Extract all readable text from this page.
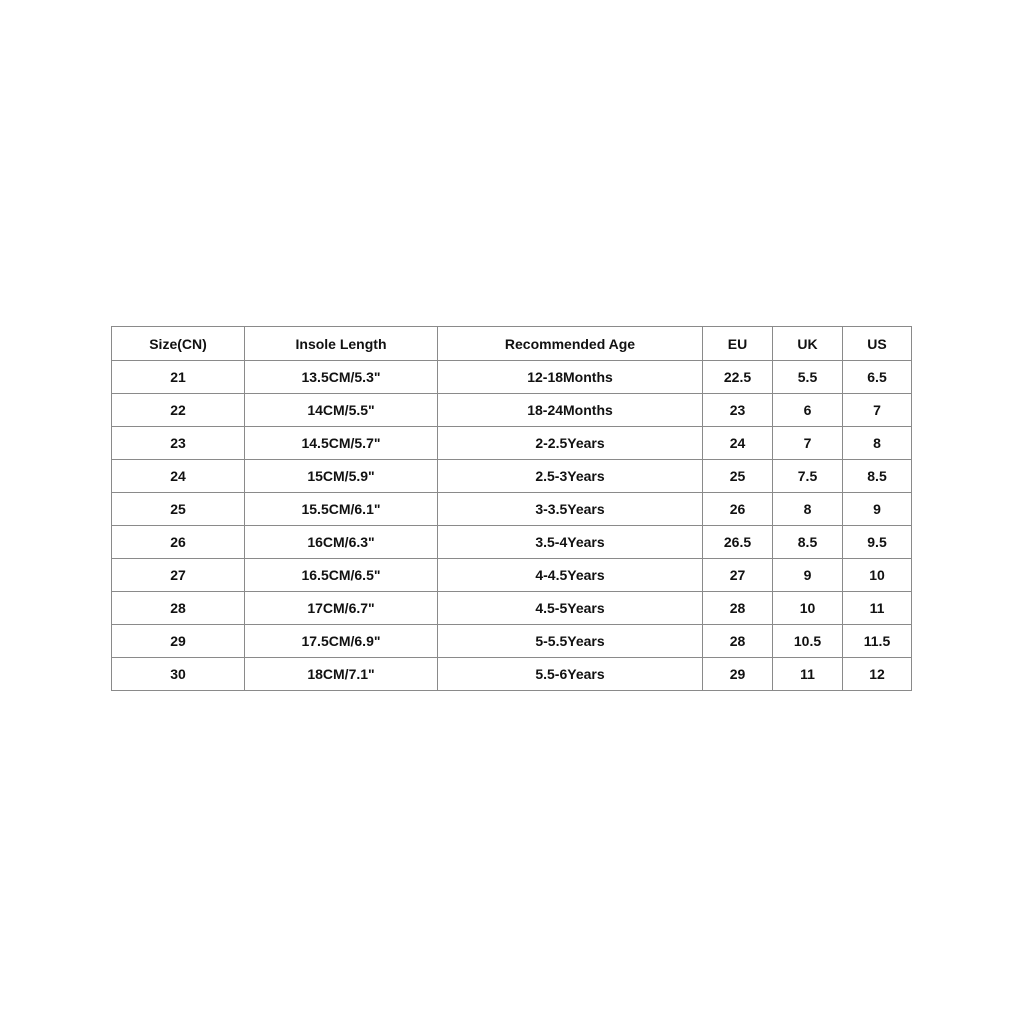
Size(CN)	Insole Length	Recommended Age	EU	UK	US
21	13.5CM/5.3"	12-18Months	22.5	5.5	6.5
22	14CM/5.5"	18-24Months	23	6	7
23	14.5CM/5.7"	2-2.5Years	24	7	8
24	15CM/5.9"	2.5-3Years	25	7.5	8.5
25	15.5CM/6.1"	3-3.5Years	26	8	9
26	16CM/6.3"	3.5-4Years	26.5	8.5	9.5
27	16.5CM/6.5"	4-4.5Years	27	9	10
28	17CM/6.7"	4.5-5Years	28	10	11
29	17.5CM/6.9"	5-5.5Years	28	10.5	11.5
30	18CM/7.1"	5.5-6Years	29	11	12
